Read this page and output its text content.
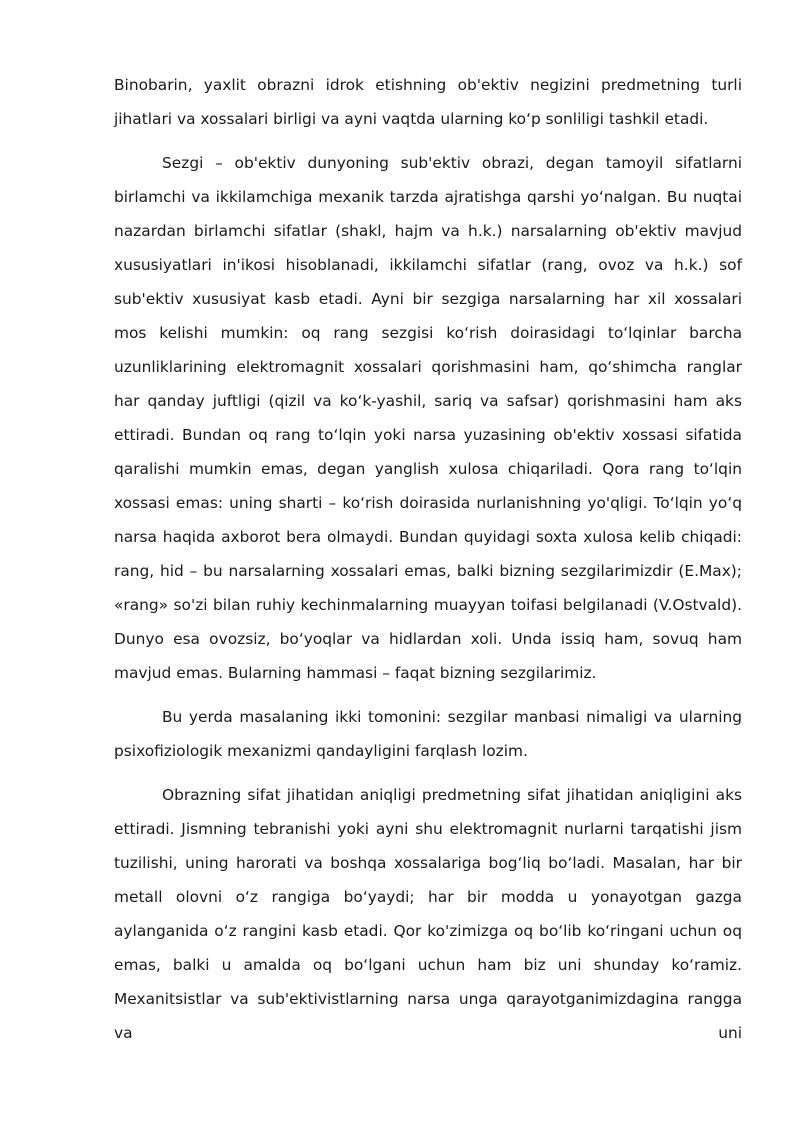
Binobarin, yaxlit obrazni idrok etishning ob'ektiv negizini predmetning turli jihatlari va xossalari birligi va ayni vaqtda ularning ko‘p sonliligi tashkil etadi.

Sezgi – ob'ektiv dunyoning sub'ektiv obrazi, degan tamoyil sifatlarni birlamchi va ikkilamchiga mexanik tarzda ajratishga qarshi yo‘nalgan. Bu nuqtai nazardan birlamchi sifatlar (shakl, hajm va h.k.) narsalarning ob'ektiv mavjud xususiyatlari in'ikosi hisoblanadi, ikkilamchi sifatlar (rang, ovoz va h.k.) sof sub'ektiv xususiyat kasb etadi. Ayni bir sezgiga narsalarning har xil xossalari mos kelishi mumkin: oq rang sezgisi ko‘rish doirasidagi to‘lqinlar barcha uzunliklarining elektromagnit xossalari qorishmasini ham, qo‘shimcha ranglar har qanday juftligi (qizil va ko‘k-yashil, sariq va safsar) qorishmasini ham aks ettiradi. Bundan oq rang to‘lqin yoki narsa yuzasining ob'ektiv xossasi sifatida qaralishi mumkin emas, degan yanglish xulosa chiqariladi. Qora rang to‘lqin xossasi emas: uning sharti – ko‘rish doirasida nurlanishning yo'qligi. To‘lqin yo‘q narsa haqida axborot bera olmaydi. Bundan quyidagi soxta xulosa kelib chiqadi: rang, hid – bu narsalarning xossalari emas, balki bizning sezgilarimizdir (E.Max); «rang» so'zi bilan ruhiy kechinmalarning muayyan toifasi belgilanadi (V.Ostvald). Dunyo esa ovozsiz, bo‘yoqlar va hidlardan xoli. Unda issiq ham, sovuq ham mavjud emas. Bularning hammasi – faqat bizning sezgilarimiz.

Bu yerda masalaning ikki tomonini: sezgilar manbasi nimaligi va ularning psixofiziologik mexanizmi qandayligini farqlash lozim.

Obrazning sifat jihatidan aniqligi predmetning sifat jihatidan aniqligini aks ettiradi. Jismning tebranishi yoki ayni shu elektromagnit nurlarni tarqatishi jism tuzilishi, uning harorati va boshqa xossalariga bog‘liq bo‘ladi. Masalan, har bir metall olovni o‘z rangiga bo‘yaydi; har bir modda u yonayotgan gazga aylanganida o‘z rangini kasb etadi. Qor ko'zimizga oq bo‘lib ko‘ringani uchun oq emas, balki u amalda oq bo‘lgani uchun ham biz uni shunday ko‘ramiz. Mexanitsistlar va sub'ektivistlarning narsa unga qarayotganimizdagina rangga va uni
